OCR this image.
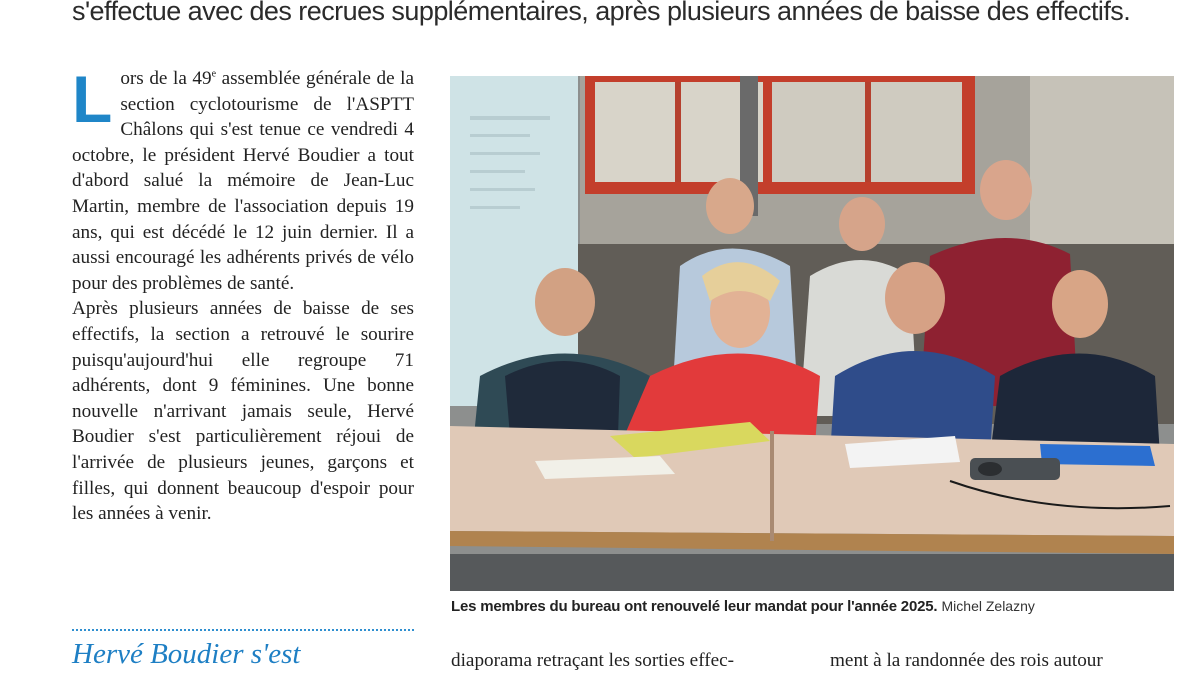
s'effectue avec des recrues supplémentaires, après plusieurs années de baisse des effectifs.

Lors de la 49e assemblée générale de la section cyclotourisme de l'ASPTT Châlons qui s'est tenue ce vendredi 4 octobre, le président Hervé Boudier a tout d'abord salué la mémoire de Jean-Luc Martin, membre de l'association depuis 19 ans, qui est décédé le 12 juin dernier. Il a aussi encouragé les adhérents privés de vélo pour des problèmes de santé.

Après plusieurs années de baisse de ses effectifs, la section a retrouvé le sourire puisqu'aujourd'hui elle regroupe 71 adhérents, dont 9 féminines. Une bonne nouvelle n'arrivant jamais seule, Hervé Boudier s'est particulièrement réjoui de l'arrivée de plusieurs jeunes, garçons et filles, qui donnent beaucoup d'espoir pour les années à venir.

Hervé Boudier s'est
Les membres du bureau ont renouvelé leur mandat pour l'année 2025. Michel Zelazny
diaporama retraçant les sorties effec-	ment à la randonnée des rois autour
